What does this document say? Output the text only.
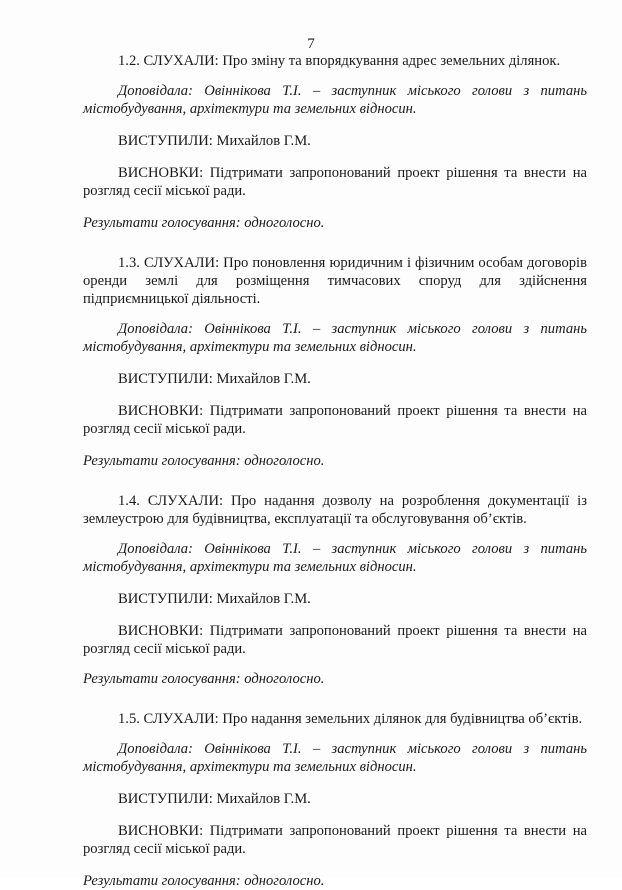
7

1.2. СЛУХАЛИ: Про зміну та впорядкування адрес земельних ділянок.

Доповідала: Овіннікова Т.І. – заступник міського голови з питань містобудування, архітектури та земельних відносин.

ВИСТУПИЛИ: Михайлов Г.М.

ВИСНОВКИ: Підтримати запропонований проект рішення та внести на розгляд сесії міської ради.

Результати голосування: одноголосно.

1.3. СЛУХАЛИ: Про поновлення юридичним і фізичним особам договорів оренди землі для розміщення тимчасових споруд для здійснення підприємницької діяльності.

Доповідала: Овіннікова Т.І. – заступник міського голови з питань містобудування, архітектури та земельних відносин.

ВИСТУПИЛИ: Михайлов Г.М.

ВИСНОВКИ: Підтримати запропонований проект рішення та внести на розгляд сесії міської ради.

Результати голосування: одноголосно.

1.4. СЛУХАЛИ: Про надання дозволу на розроблення документації із землеустрою для будівництва, експлуатації та обслуговування об’єктів.

Доповідала: Овіннікова Т.І. – заступник міського голови з питань містобудування, архітектури та земельних відносин.

ВИСТУПИЛИ: Михайлов Г.М.

ВИСНОВКИ: Підтримати запропонований проект рішення та внести на розгляд сесії міської ради.

Результати голосування: одноголосно.

1.5. СЛУХАЛИ: Про надання земельних ділянок для будівництва об’єктів.

Доповідала: Овіннікова Т.І. – заступник міського голови з питань містобудування, архітектури та земельних відносин.

ВИСТУПИЛИ: Михайлов Г.М.

ВИСНОВКИ: Підтримати запропонований проект рішення та внести на розгляд сесії міської ради.

Результати голосування: одноголосно.
